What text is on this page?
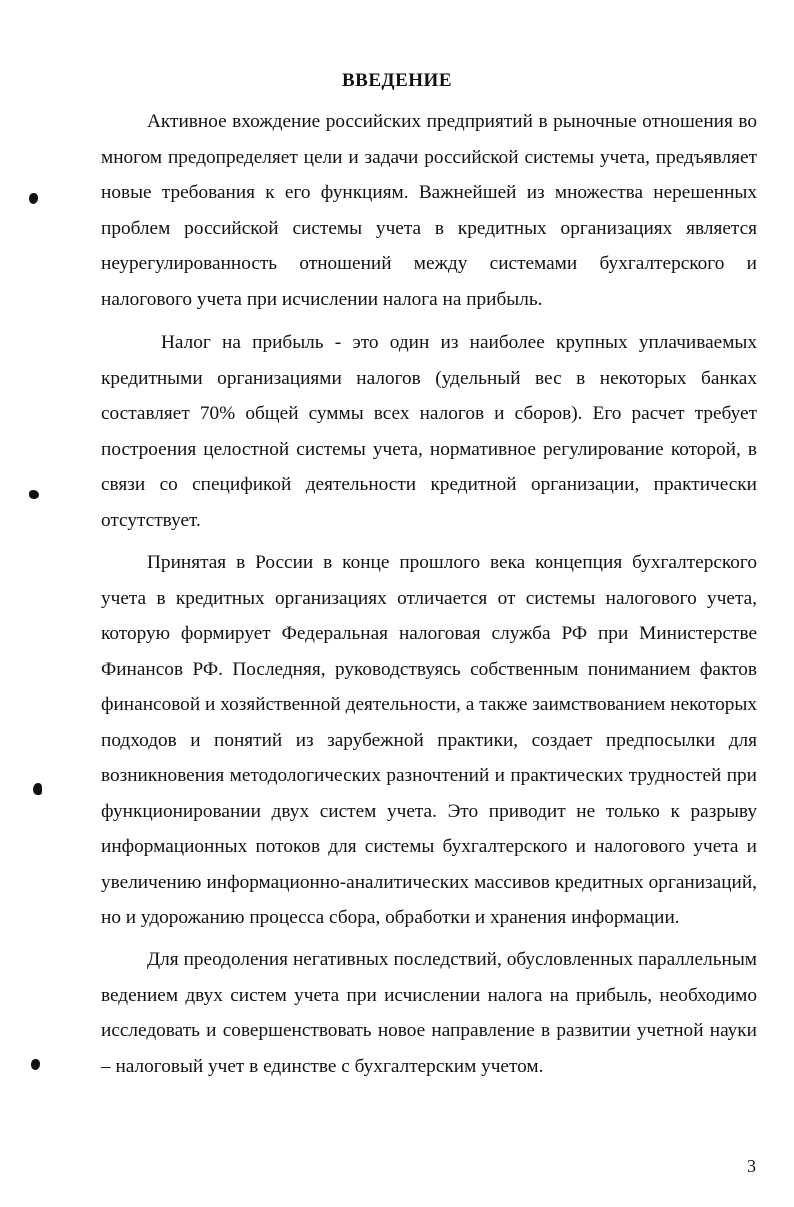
ВВЕДЕНИЕ

Активное вхождение российских предприятий в рыночные отношения во многом предопределяет цели и задачи российской системы учета, предъявляет новые требования к его функциям. Важнейшей из множества нерешенных проблем российской системы учета в кредитных организациях является неурегулированность отношений между системами бухгалтерского и налогового учета при исчислении налога на прибыль.

Налог на прибыль - это один из наиболее крупных уплачиваемых кредитными организациями налогов (удельный вес в некоторых банках составляет 70% общей суммы всех налогов и сборов). Его расчет требует построения целостной системы учета, нормативное регулирование которой, в связи со спецификой деятельности кредитной организации, практически отсутствует.

Принятая в России в конце прошлого века концепция бухгалтерского учета в кредитных организациях отличается от системы налогового учета, которую формирует Федеральная налоговая служба РФ при Министерстве Финансов РФ. Последняя, руководствуясь собственным пониманием фактов финансовой и хозяйственной деятельности, а также заимствованием некоторых подходов и понятий из зарубежной практики, создает предпосылки для возникновения методологических разночтений и практических трудностей при функционировании двух систем учета. Это приводит не только к разрыву информационных потоков для системы бухгалтерского и налогового учета и увеличению информационно-аналитических массивов кредитных организаций, но и удорожанию процесса сбора, обработки и хранения информации.

Для преодоления негативных последствий, обусловленных параллельным ведением двух систем учета при исчислении налога на прибыль, необходимо исследовать и совершенствовать новое направление в развитии учетной науки – налоговый учет в единстве с бухгалтерским учетом.

3
